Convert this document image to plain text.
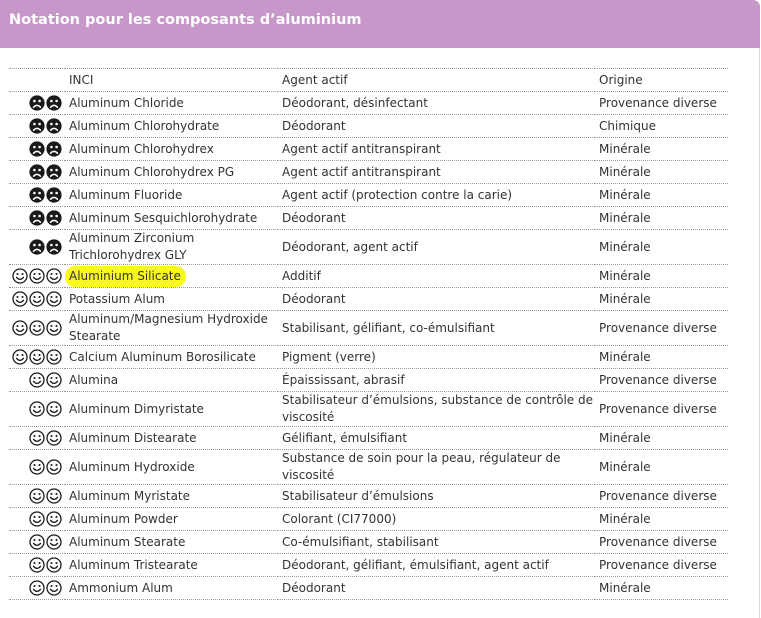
Notation pour les composants d’aluminium
	INCI	Agent actif	Origine

	Aluminum Chloride	Déodorant, désinfectant	Provenance diverse

	Aluminum Chlorohydrate	Déodorant	Chimique

	Aluminum Chlorohydrex	Agent actif antitranspirant	Minérale

	Aluminum Chlorohydrex PG	Agent actif antitranspirant	Minérale

	Aluminum Fluoride	Agent actif (protection contre la carie)	Minérale

	Aluminum Sesquichlorohydrate	Déodorant	Minérale

	Aluminum Zirconium Trichlorohydrex GLY	Déodorant, agent actif	Minérale

	Aluminium Silicate	Additif	Minérale

	Potassium Alum	Déodorant	Minérale

	Aluminum/Magnesium Hydroxide Stearate	Stabilisant, gélifiant, co-émulsifiant	Provenance diverse

	Calcium Aluminum Borosilicate	Pigment (verre)	Minérale

	Alumina	Épaississant, abrasif	Provenance diverse

	Aluminum Dimyristate	Stabilisateur d’émulsions, substance de contrôle de viscosité	Provenance diverse

	Aluminum Distearate	Gélifiant, émulsifiant	Minérale

	Aluminum Hydroxide	Substance de soin pour la peau, régulateur de viscosité	Minérale

	Aluminum Myristate	Stabilisateur d’émulsions	Provenance diverse

	Aluminum Powder	Colorant (CI77000)	Minérale

	Aluminum Stearate	Co-émulsifiant, stabilisant	Provenance diverse

	Aluminum Tristearate	Déodorant, gélifiant, émulsifiant, agent actif	Provenance diverse

	Ammonium Alum	Déodorant	Minérale
